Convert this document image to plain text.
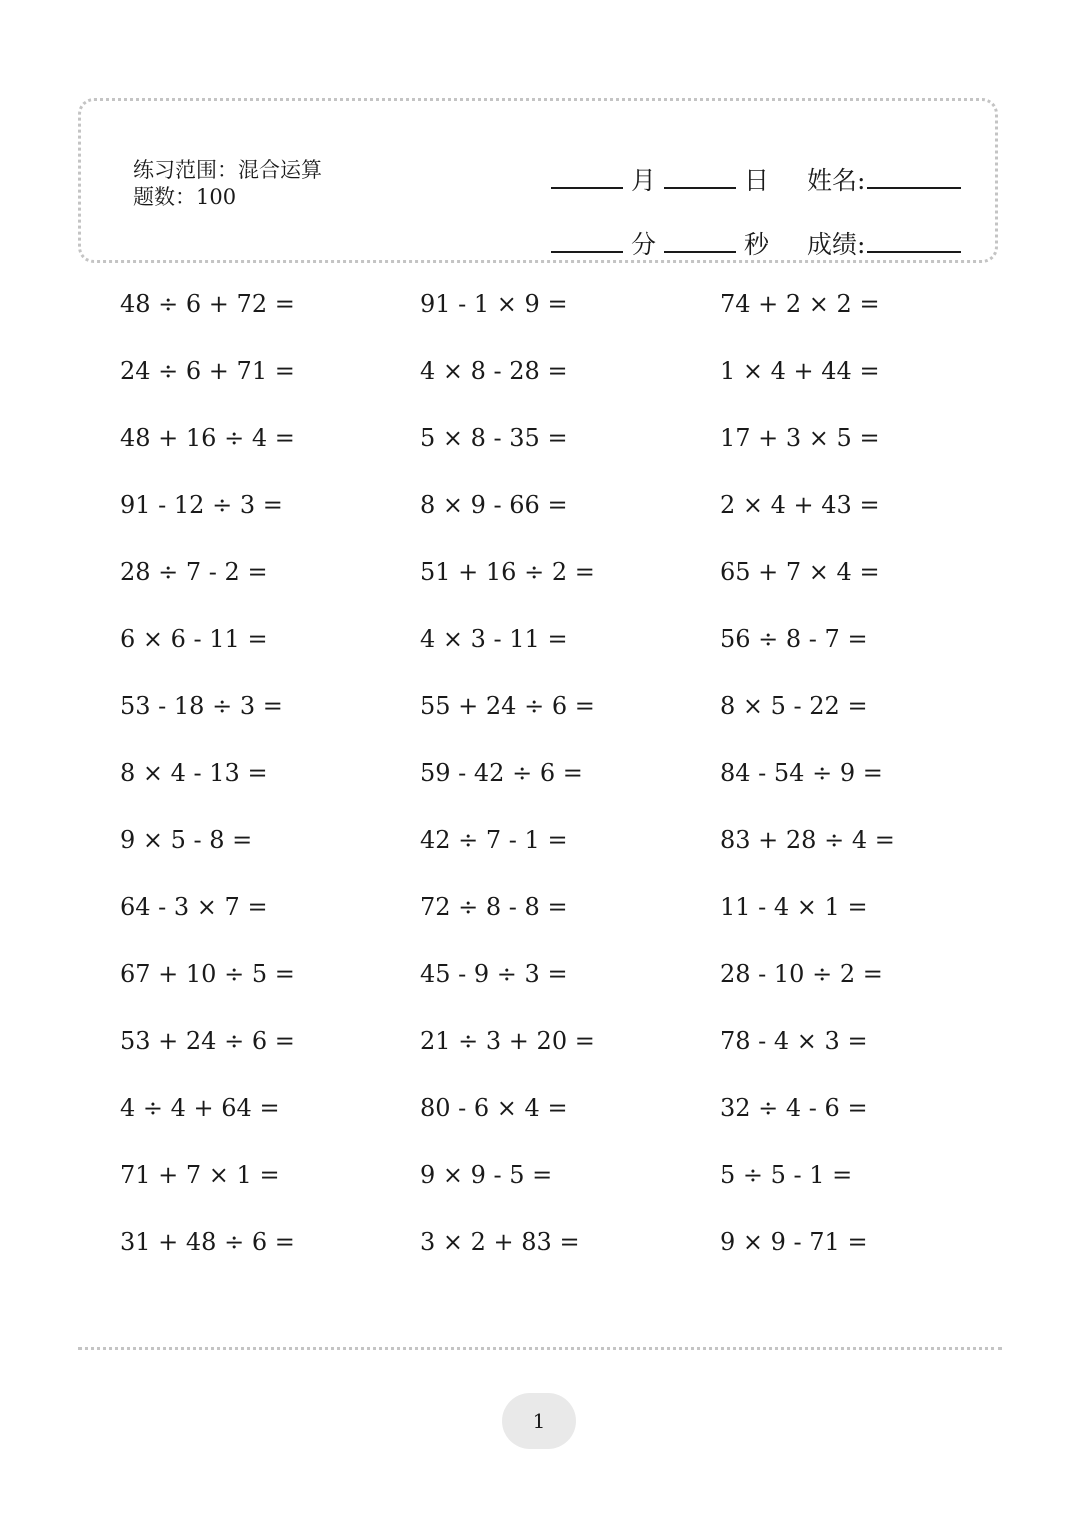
练习范围：混合运算
题数：100
月	日	姓名:
分	秒	成绩:
48 ÷ 6 + 72 =	91 - 1 × 9 =	74 + 2 × 2 =
24 ÷ 6 + 71 =	4 × 8 - 28 =	1 × 4 + 44 =
48 + 16 ÷ 4 =	5 × 8 - 35 =	17 + 3 × 5 =
91 - 12 ÷ 3 =	8 × 9 - 66 =	2 × 4 + 43 =
28 ÷ 7 - 2 =	51 + 16 ÷ 2 =	65 + 7 × 4 =
6 × 6 - 11 =	4 × 3 - 11 =	56 ÷ 8 - 7 =
53 - 18 ÷ 3 =	55 + 24 ÷ 6 =	8 × 5 - 22 =
8 × 4 - 13 =	59 - 42 ÷ 6 =	84 - 54 ÷ 9 =
9 × 5 - 8 =	42 ÷ 7 - 1 =	83 + 28 ÷ 4 =
64 - 3 × 7 =	72 ÷ 8 - 8 =	11 - 4 × 1 =
67 + 10 ÷ 5 =	45 - 9 ÷ 3 =	28 - 10 ÷ 2 =
53 + 24 ÷ 6 =	21 ÷ 3 + 20 =	78 - 4 × 3 =
4 ÷ 4 + 64 =	80 - 6 × 4 =	32 ÷ 4 - 6 =
71 + 7 × 1 =	9 × 9 - 5 =	5 ÷ 5 - 1 =
31 + 48 ÷ 6 =	3 × 2 + 83 =	9 × 9 - 71 =
1
